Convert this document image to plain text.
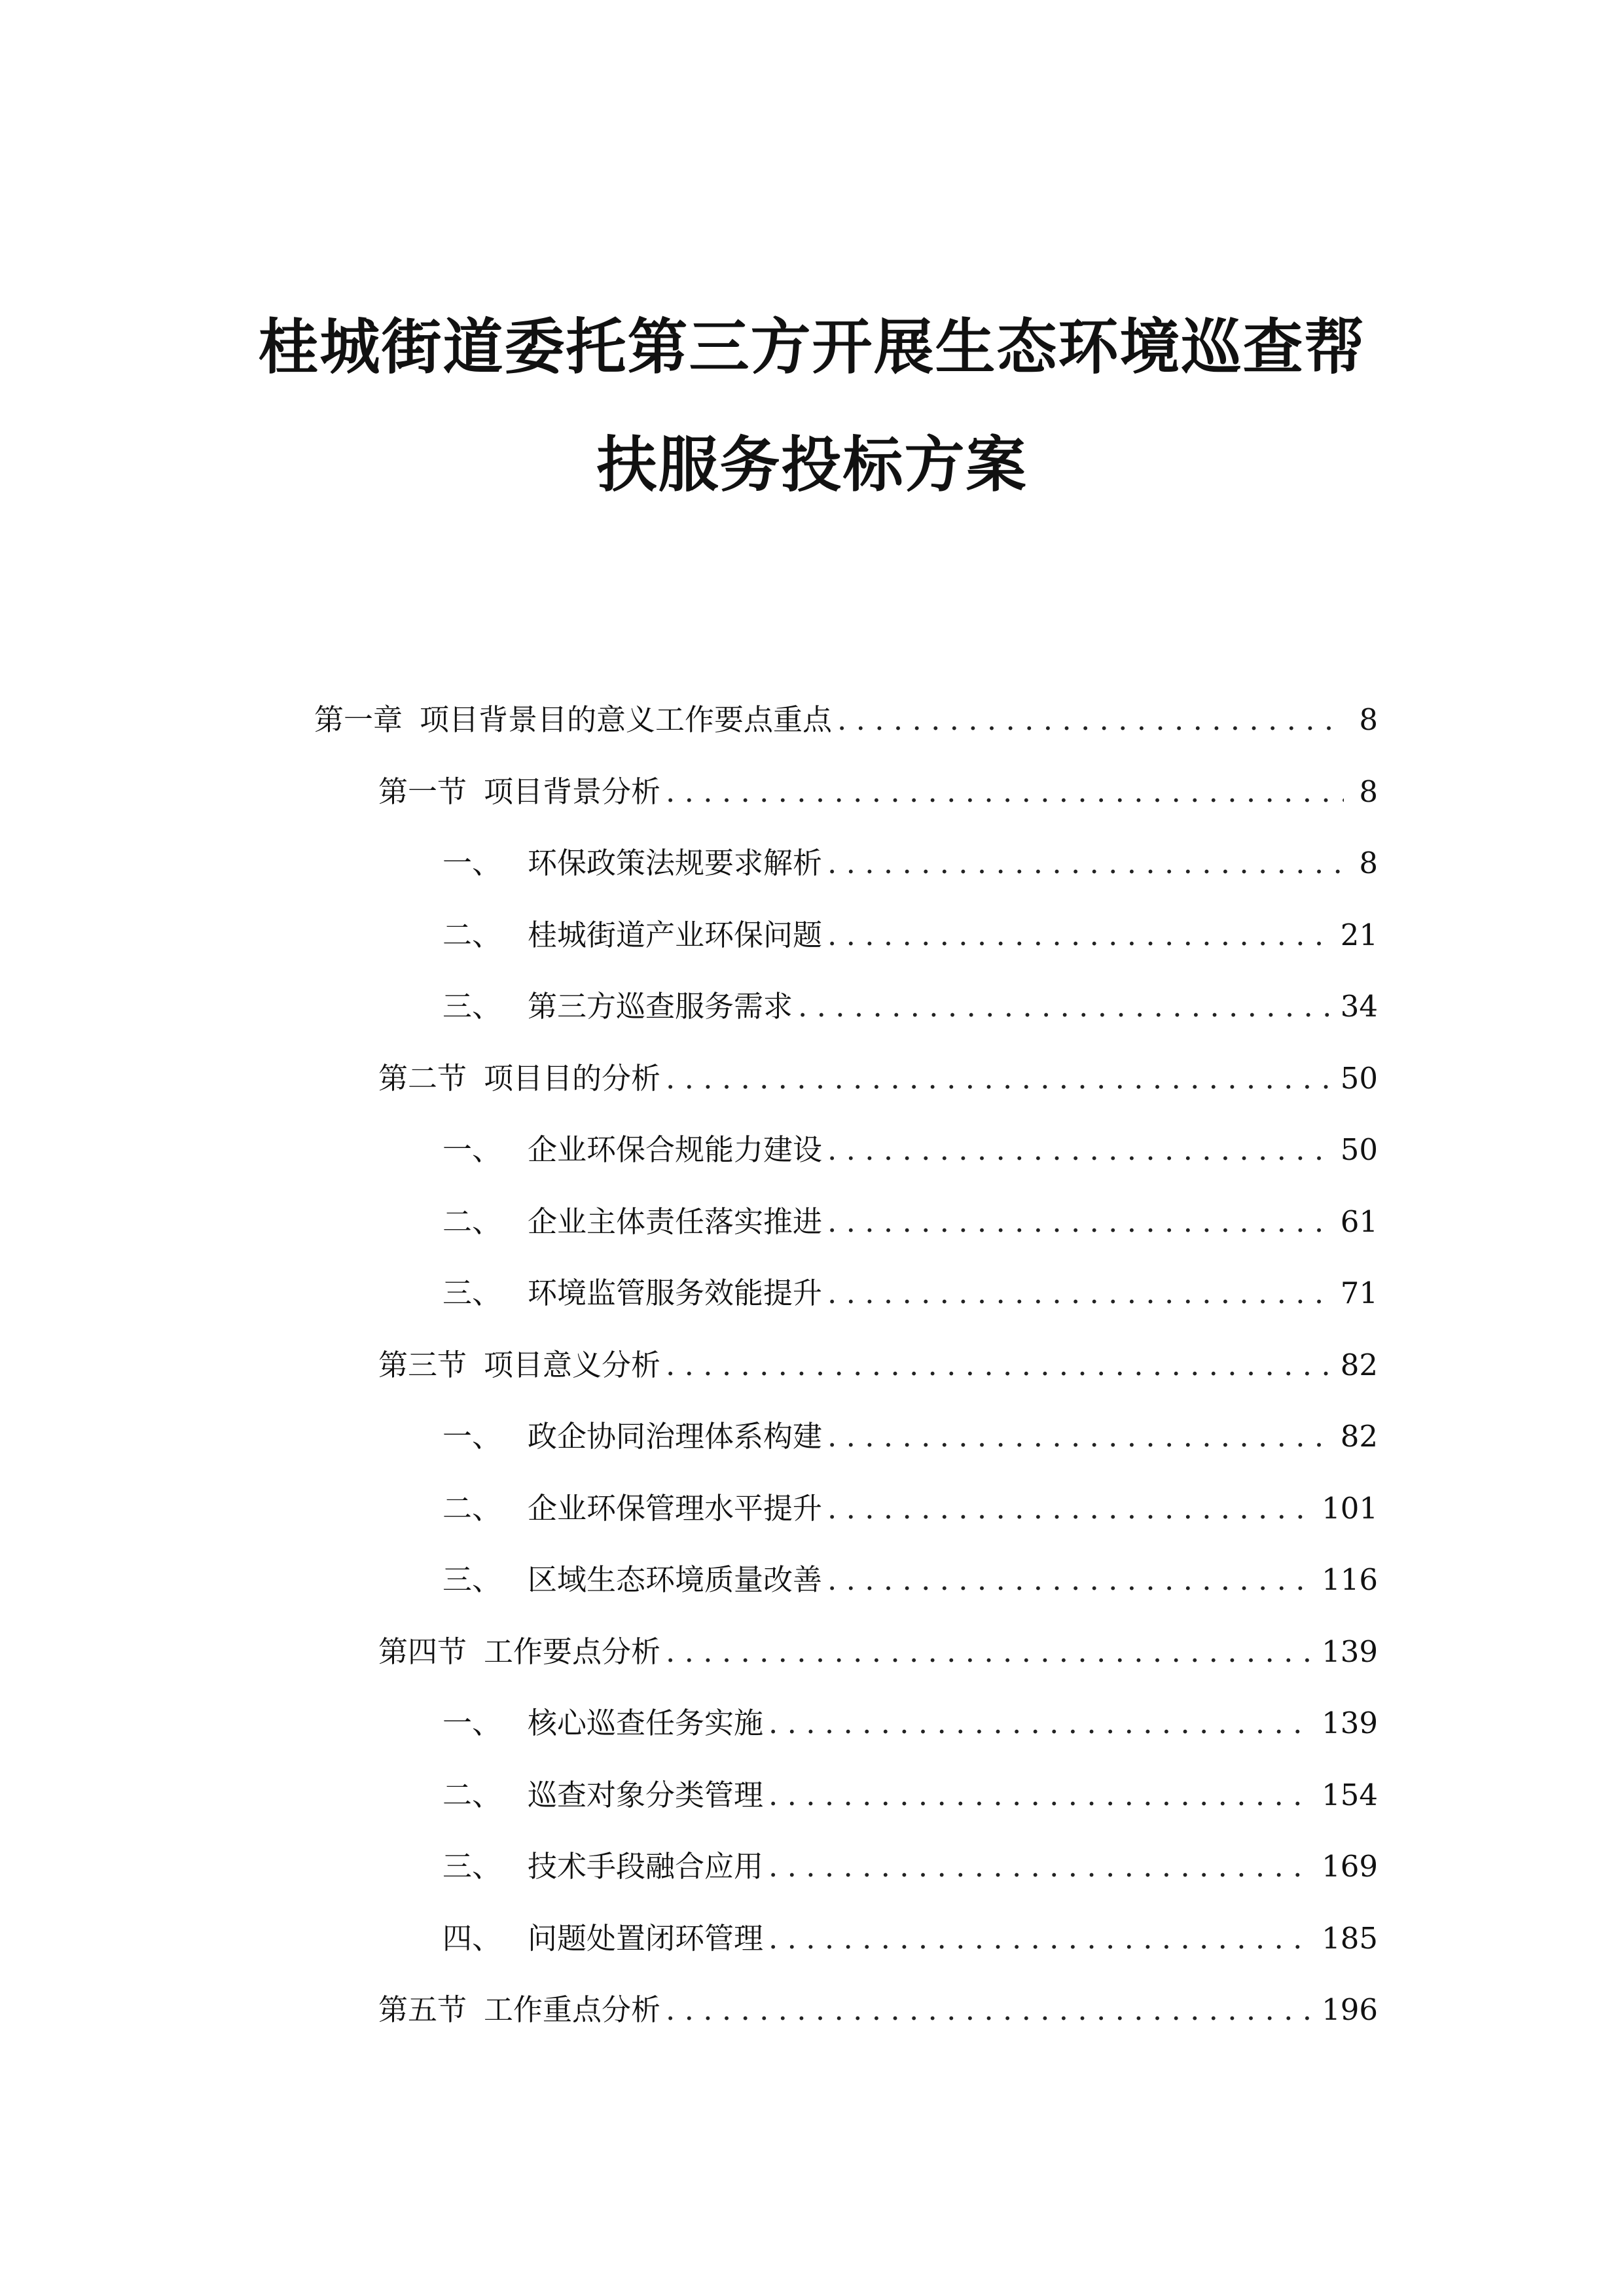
桂城街道委托第三方开展生态环境巡查帮
扶服务投标方案
第一章 项目背景目的意义工作要点重点 . . .	8
第一节 项目背景分析 . . .	8
一、 环保政策法规要求解析 . . .	8
二、 桂城街道产业环保问题 . . .	21
三、 第三方巡查服务需求 . . .	34
第二节 项目目的分析 . . .	50
一、 企业环保合规能力建设 . . .	50
二、 企业主体责任落实推进 . . .	61
三、 环境监管服务效能提升 . . .	71
第三节 项目意义分析 . . .	82
一、 政企协同治理体系构建 . . .	82
二、 企业环保管理水平提升 . . .	101
三、 区域生态环境质量改善 . . .	116
第四节 工作要点分析 . . .	139
一、 核心巡查任务实施 . . .	139
二、 巡查对象分类管理 . . .	154
三、 技术手段融合应用 . . .	169
四、 问题处置闭环管理 . . .	185
第五节 工作重点分析 . . .	196
